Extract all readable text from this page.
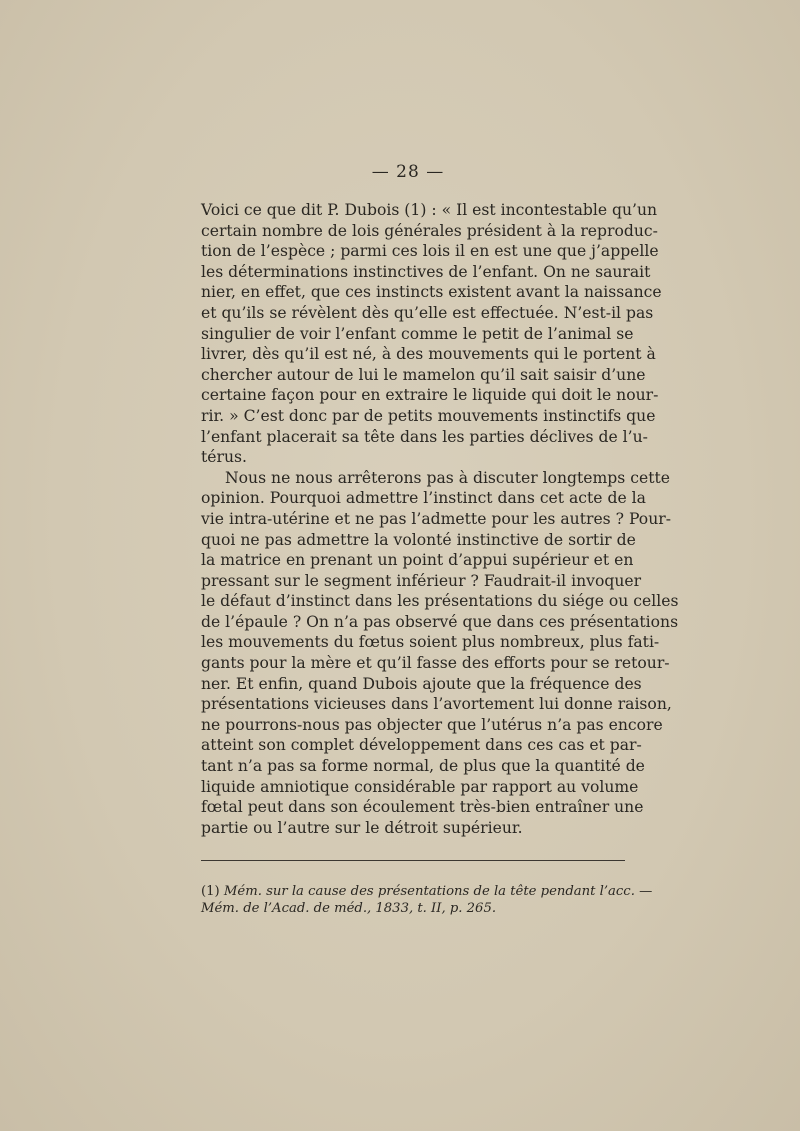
— 28 —

Voici ce que dit P. Dubois (1) : « Il est incontestable qu’un
certain nombre de lois générales président à la reproduc-
tion de l’espèce ; parmi ces lois il en est une que j’appelle
les déterminations instinctives de l’enfant. On ne saurait
nier, en effet, que ces instincts existent avant la naissance
et qu’ils se révèlent dès qu’elle est effectuée. N’est-il pas
singulier de voir l’enfant comme le petit de l’animal se
livrer, dès qu’il est né, à des mouvements qui le portent à
chercher autour de lui le mamelon qu’il sait saisir d’une
certaine façon pour en extraire le liquide qui doit le nour-
rir. » C’est donc par de petits mouvements instinctifs que
l’enfant placerait sa tête dans les parties déclives de l’u-
térus.

Nous ne nous arrêterons pas à discuter longtemps cette
opinion. Pourquoi admettre l’instinct dans cet acte de la
vie intra-utérine et ne pas l’admette pour les autres ? Pour-
quoi ne pas admettre la volonté instinctive de sortir de
la matrice en prenant un point d’appui supérieur et en
pressant sur le segment inférieur ? Faudrait-il invoquer
le défaut d’instinct dans les présentations du siége ou celles
de l’épaule ? On n’a pas observé que dans ces présentations
les mouvements du fœtus soient plus nombreux, plus fati-
gants pour la mère et qu’il fasse des efforts pour se retour-
ner. Et enfin, quand Dubois ajoute que la fréquence des
présentations vicieuses dans l’avortement lui donne raison,
ne pourrons-nous pas objecter que l’utérus n’a pas encore
atteint son complet développement dans ces cas et par-
tant n’a pas sa forme normal, de plus que la quantité de
liquide amniotique considérable par rapport au volume
fœtal peut dans son écoulement très-bien entraîner une
partie ou l’autre sur le détroit supérieur.

(1) Mém. sur la cause des présentations de la tête pendant l’acc. —
Mém. de l’Acad. de méd., 1833, t. II, p. 265.
